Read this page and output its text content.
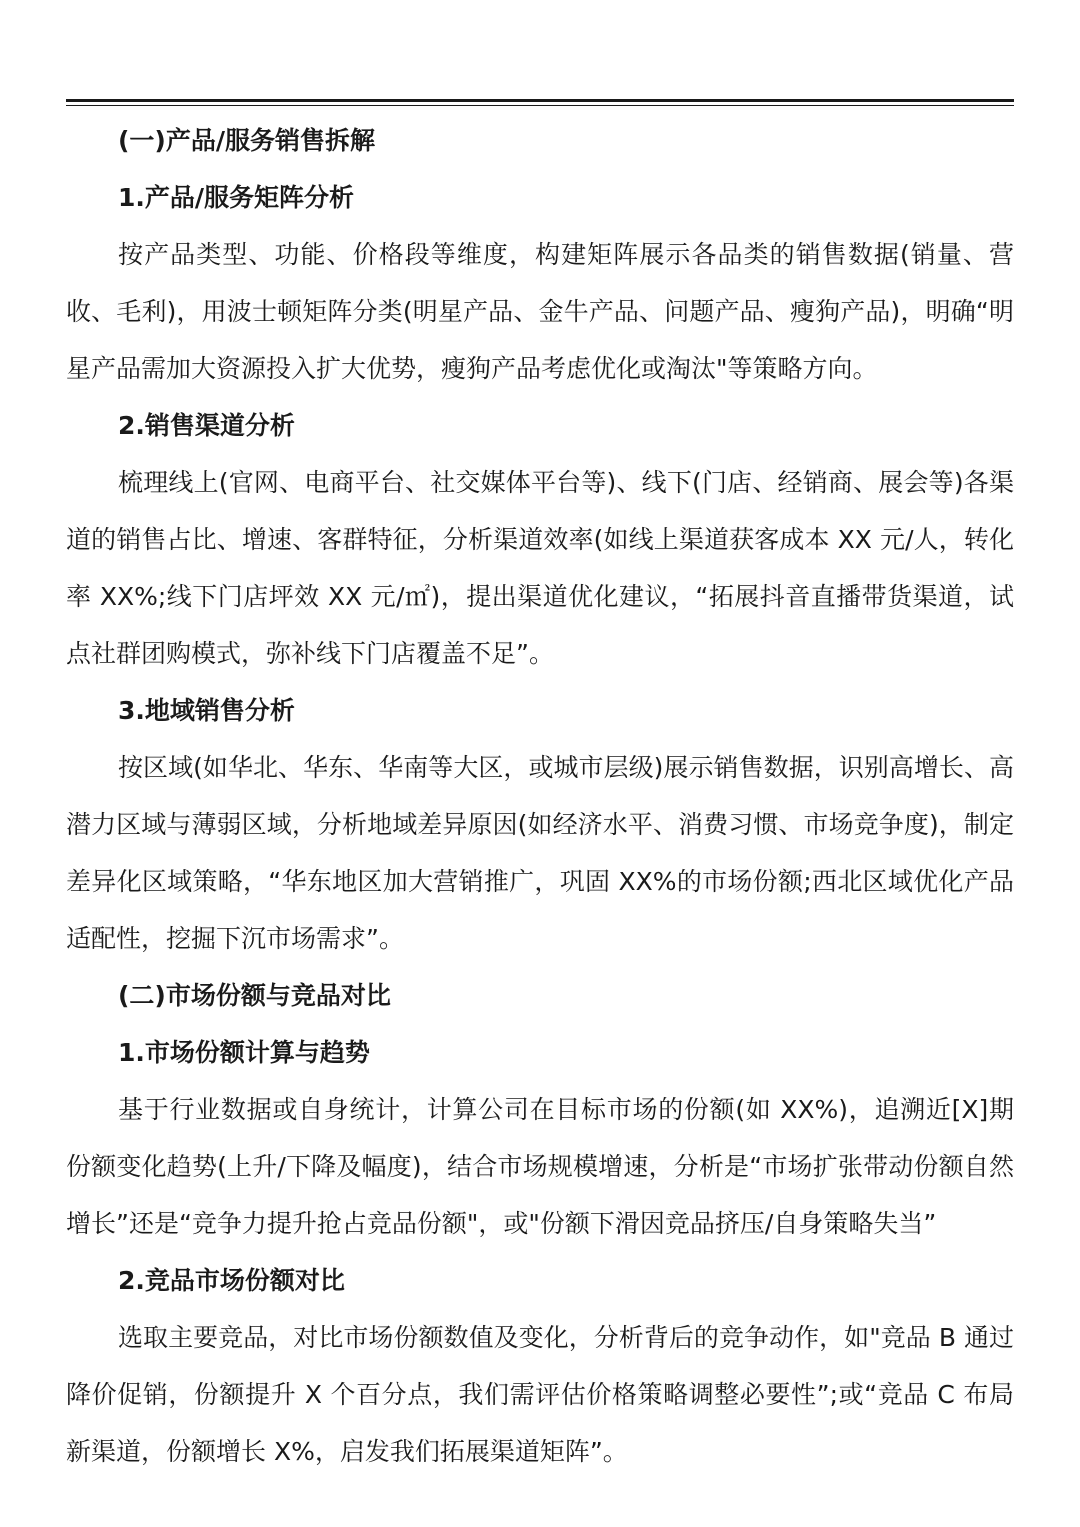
(一)产品/服务销售拆解
1.产品/服务矩阵分析

按产品类型、功能、价格段等维度，构建矩阵展示各品类的销售数据(销量、营收、毛利)，用波士顿矩阵分类(明星产品、金牛产品、问题产品、瘦狗产品)，明确“明星产品需加大资源投入扩大优势，瘦狗产品考虑优化或淘汰"等策略方向。

2.销售渠道分析

梳理线上(官网、电商平台、社交媒体平台等)、线下(门店、经销商、展会等)各渠道的销售占比、增速、客群特征，分析渠道效率(如线上渠道获客成本 XX 元/人，转化率 XX%;线下门店坪效 XX 元/㎡)，提出渠道优化建议，“拓展抖音直播带货渠道，试点社群团购模式，弥补线下门店覆盖不足”。

3.地域销售分析

按区域(如华北、华东、华南等大区，或城市层级)展示销售数据，识别高增长、高潜力区域与薄弱区域，分析地域差异原因(如经济水平、消费习惯、市场竞争度)，制定差异化区域策略，“华东地区加大营销推广，巩固 XX%的市场份额;西北区域优化产品适配性，挖掘下沉市场需求”。

(二)市场份额与竞品对比
1.市场份额计算与趋势

基于行业数据或自身统计，计算公司在目标市场的份额(如 XX%)，追溯近[X]期份额变化趋势(上升/下降及幅度)，结合市场规模增速，分析是“市场扩张带动份额自然增长”还是“竞争力提升抢占竞品份额"，或"份额下滑因竞品挤压/自身策略失当”

2.竞品市场份额对比

选取主要竞品，对比市场份额数值及变化，分析背后的竞争动作，如"竞品 B 通过降价促销，份额提升 X 个百分点，我们需评估价格策略调整必要性”;或“竞品 C 布局新渠道，份额增长 X%，启发我们拓展渠道矩阵”。
